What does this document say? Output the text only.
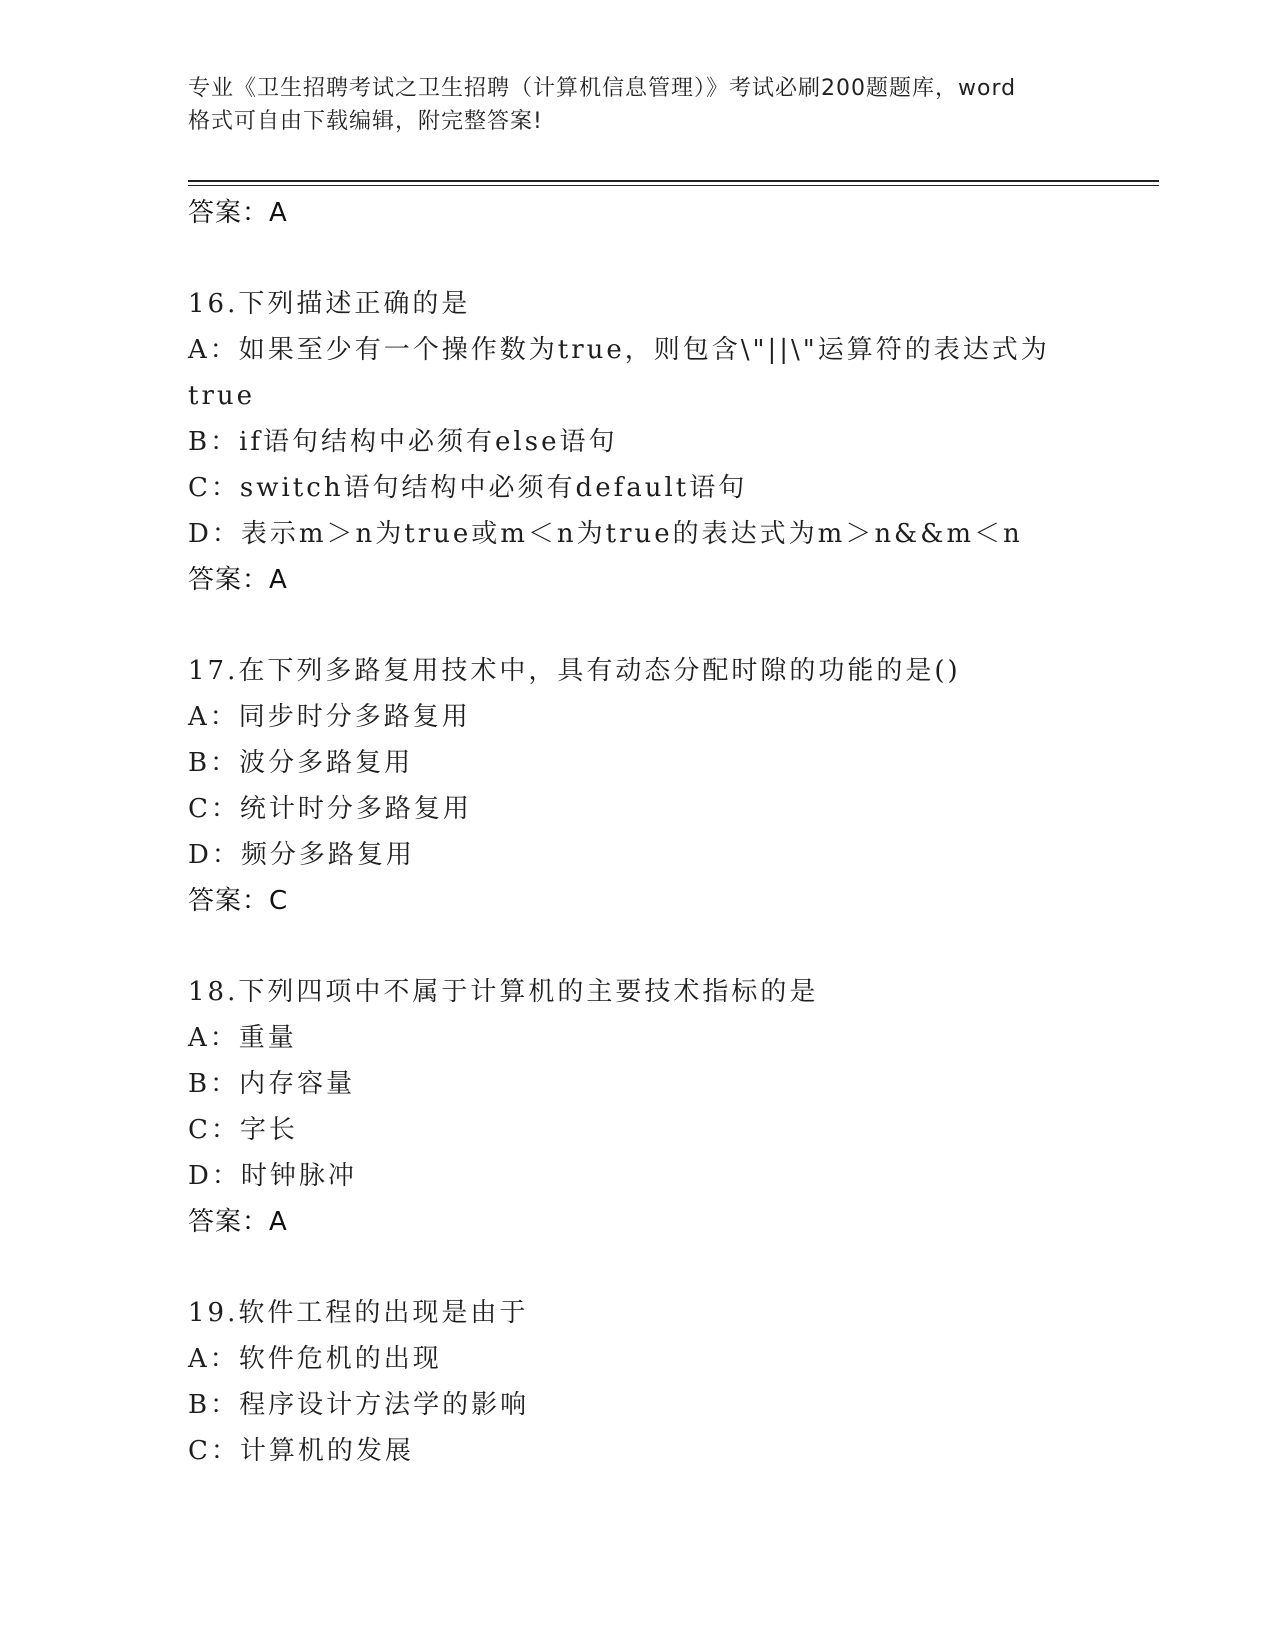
专业《卫生招聘考试之卫生招聘（计算机信息管理）》考试必刷200题题库，word
格式可自由下载编辑，附完整答案!
答案：A
16.下列描述正确的是
A：如果至少有一个操作数为true，则包含\"||\"运算符的表达式为
true
B：if语句结构中必须有else语句
C：switch语句结构中必须有default语句
D：表示m＞n为true或m＜n为true的表达式为m＞n&&m＜n
答案：A
17.在下列多路复用技术中，具有动态分配时隙的功能的是()
A：同步时分多路复用
B：波分多路复用
C：统计时分多路复用
D：频分多路复用
答案：C
18.下列四项中不属于计算机的主要技术指标的是
A：重量
B：内存容量
C：字长
D：时钟脉冲
答案：A
19.软件工程的出现是由于
A：软件危机的出现
B：程序设计方法学的影响
C：计算机的发展
